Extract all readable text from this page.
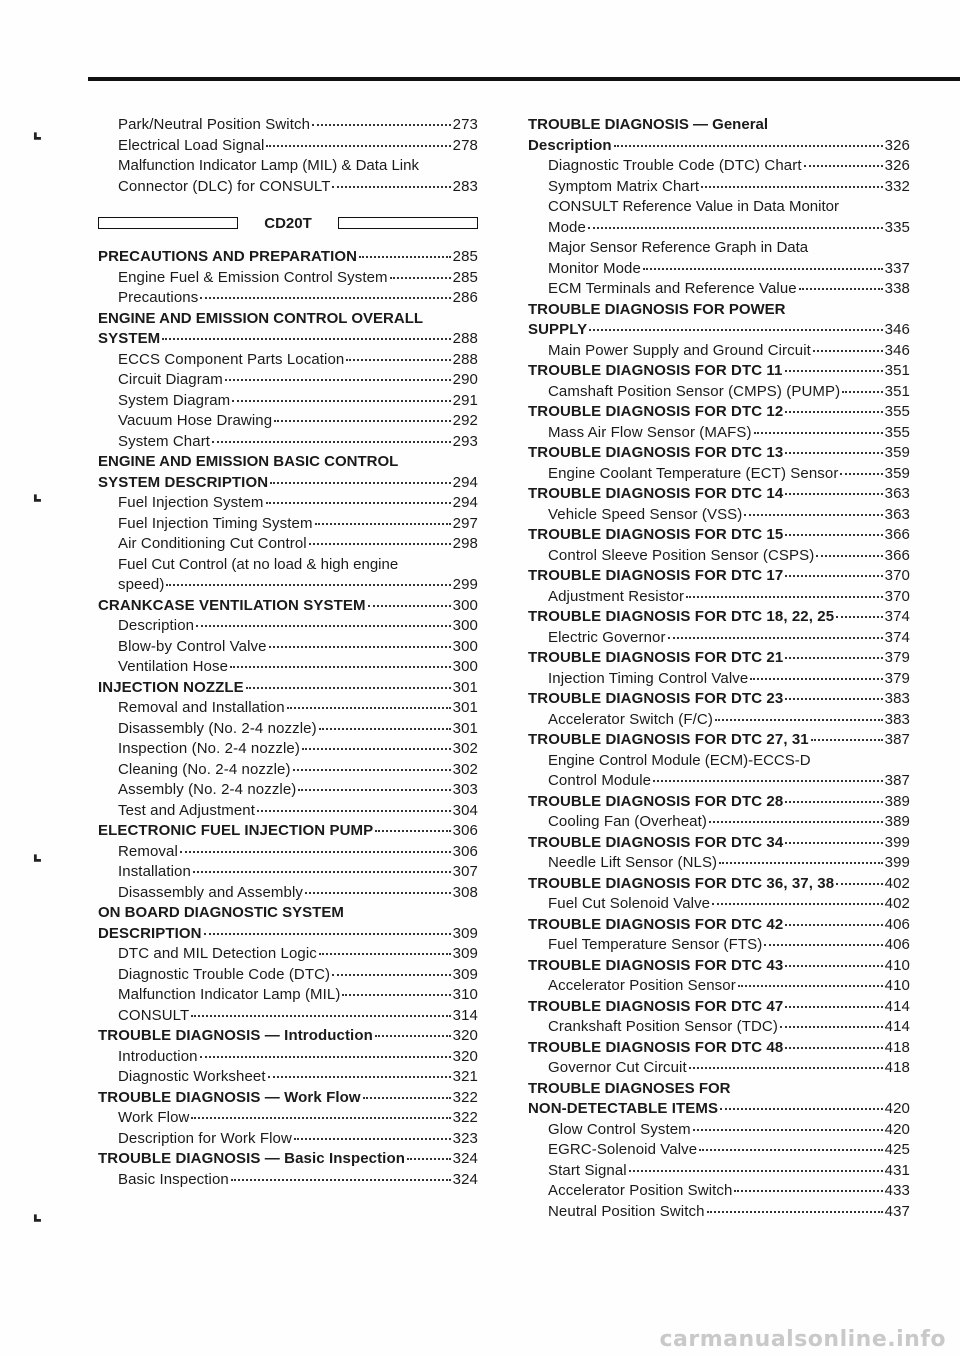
⌞
⌞
⌞
⌞
Park/Neutral Position Switch	273
Electrical Load Signal	278
Malfunction Indicator Lamp (MIL) & Data Link
Connector (DLC) for CONSULT	283
CD20T
PRECAUTIONS AND PREPARATION	285
Engine Fuel & Emission Control System	285
Precautions	286
ENGINE AND EMISSION CONTROL OVERALL
SYSTEM	288
ECCS Component Parts Location	288
Circuit Diagram	290
System Diagram	291
Vacuum Hose Drawing	292
System Chart	293
ENGINE AND EMISSION BASIC CONTROL
SYSTEM DESCRIPTION	294
Fuel Injection System	294
Fuel Injection Timing System	297
Air Conditioning Cut Control	298
Fuel Cut Control (at no load & high engine
speed)	299
CRANKCASE VENTILATION SYSTEM	300
Description	300
Blow-by Control Valve	300
Ventilation Hose	300
INJECTION NOZZLE	301
Removal and Installation	301
Disassembly (No. 2-4 nozzle)	301
Inspection (No. 2-4 nozzle)	302
Cleaning (No. 2-4 nozzle)	302
Assembly (No. 2-4 nozzle)	303
Test and Adjustment	304
ELECTRONIC FUEL INJECTION PUMP	306
Removal	306
Installation	307
Disassembly and Assembly	308
ON BOARD DIAGNOSTIC SYSTEM
DESCRIPTION	309
DTC and MIL Detection Logic	309
Diagnostic Trouble Code (DTC)	309
Malfunction Indicator Lamp (MIL)	310
CONSULT	314
TROUBLE DIAGNOSIS — Introduction	320
Introduction	320
Diagnostic Worksheet	321
TROUBLE DIAGNOSIS — Work Flow	322
Work Flow	322
Description for Work Flow	323
TROUBLE DIAGNOSIS — Basic Inspection	324
Basic Inspection	324
TROUBLE DIAGNOSIS — General
Description	326
Diagnostic Trouble Code (DTC) Chart	326
Symptom Matrix Chart	332
CONSULT Reference Value in Data Monitor
Mode	335
Major Sensor Reference Graph in Data
Monitor Mode	337
ECM Terminals and Reference Value	338
TROUBLE DIAGNOSIS FOR POWER
SUPPLY	346
Main Power Supply and Ground Circuit	346
TROUBLE DIAGNOSIS FOR DTC 11	351
Camshaft Position Sensor (CMPS) (PUMP)	351
TROUBLE DIAGNOSIS FOR DTC 12	355
Mass Air Flow Sensor (MAFS)	355
TROUBLE DIAGNOSIS FOR DTC 13	359
Engine Coolant Temperature (ECT) Sensor	359
TROUBLE DIAGNOSIS FOR DTC 14	363
Vehicle Speed Sensor (VSS)	363
TROUBLE DIAGNOSIS FOR DTC 15	366
Control Sleeve Position Sensor (CSPS)	366
TROUBLE DIAGNOSIS FOR DTC 17	370
Adjustment Resistor	370
TROUBLE DIAGNOSIS FOR DTC 18, 22, 25	374
Electric Governor	374
TROUBLE DIAGNOSIS FOR DTC 21	379
Injection Timing Control Valve	379
TROUBLE DIAGNOSIS FOR DTC 23	383
Accelerator Switch (F/C)	383
TROUBLE DIAGNOSIS FOR DTC 27, 31	387
Engine Control Module (ECM)-ECCS-D
Control Module	387
TROUBLE DIAGNOSIS FOR DTC 28	389
Cooling Fan (Overheat)	389
TROUBLE DIAGNOSIS FOR DTC 34	399
Needle Lift Sensor (NLS)	399
TROUBLE DIAGNOSIS FOR DTC 36, 37, 38	402
Fuel Cut Solenoid Valve	402
TROUBLE DIAGNOSIS FOR DTC 42	406
Fuel Temperature Sensor (FTS)	406
TROUBLE DIAGNOSIS FOR DTC 43	410
Accelerator Position Sensor	410
TROUBLE DIAGNOSIS FOR DTC 47	414
Crankshaft Position Sensor (TDC)	414
TROUBLE DIAGNOSIS FOR DTC 48	418
Governor Cut Circuit	418
TROUBLE DIAGNOSES FOR
NON-DETECTABLE ITEMS	420
Glow Control System	420
EGRC-Solenoid Valve	425
Start Signal	431
Accelerator Position Switch	433
Neutral Position Switch	437
carmanualsonline.info
